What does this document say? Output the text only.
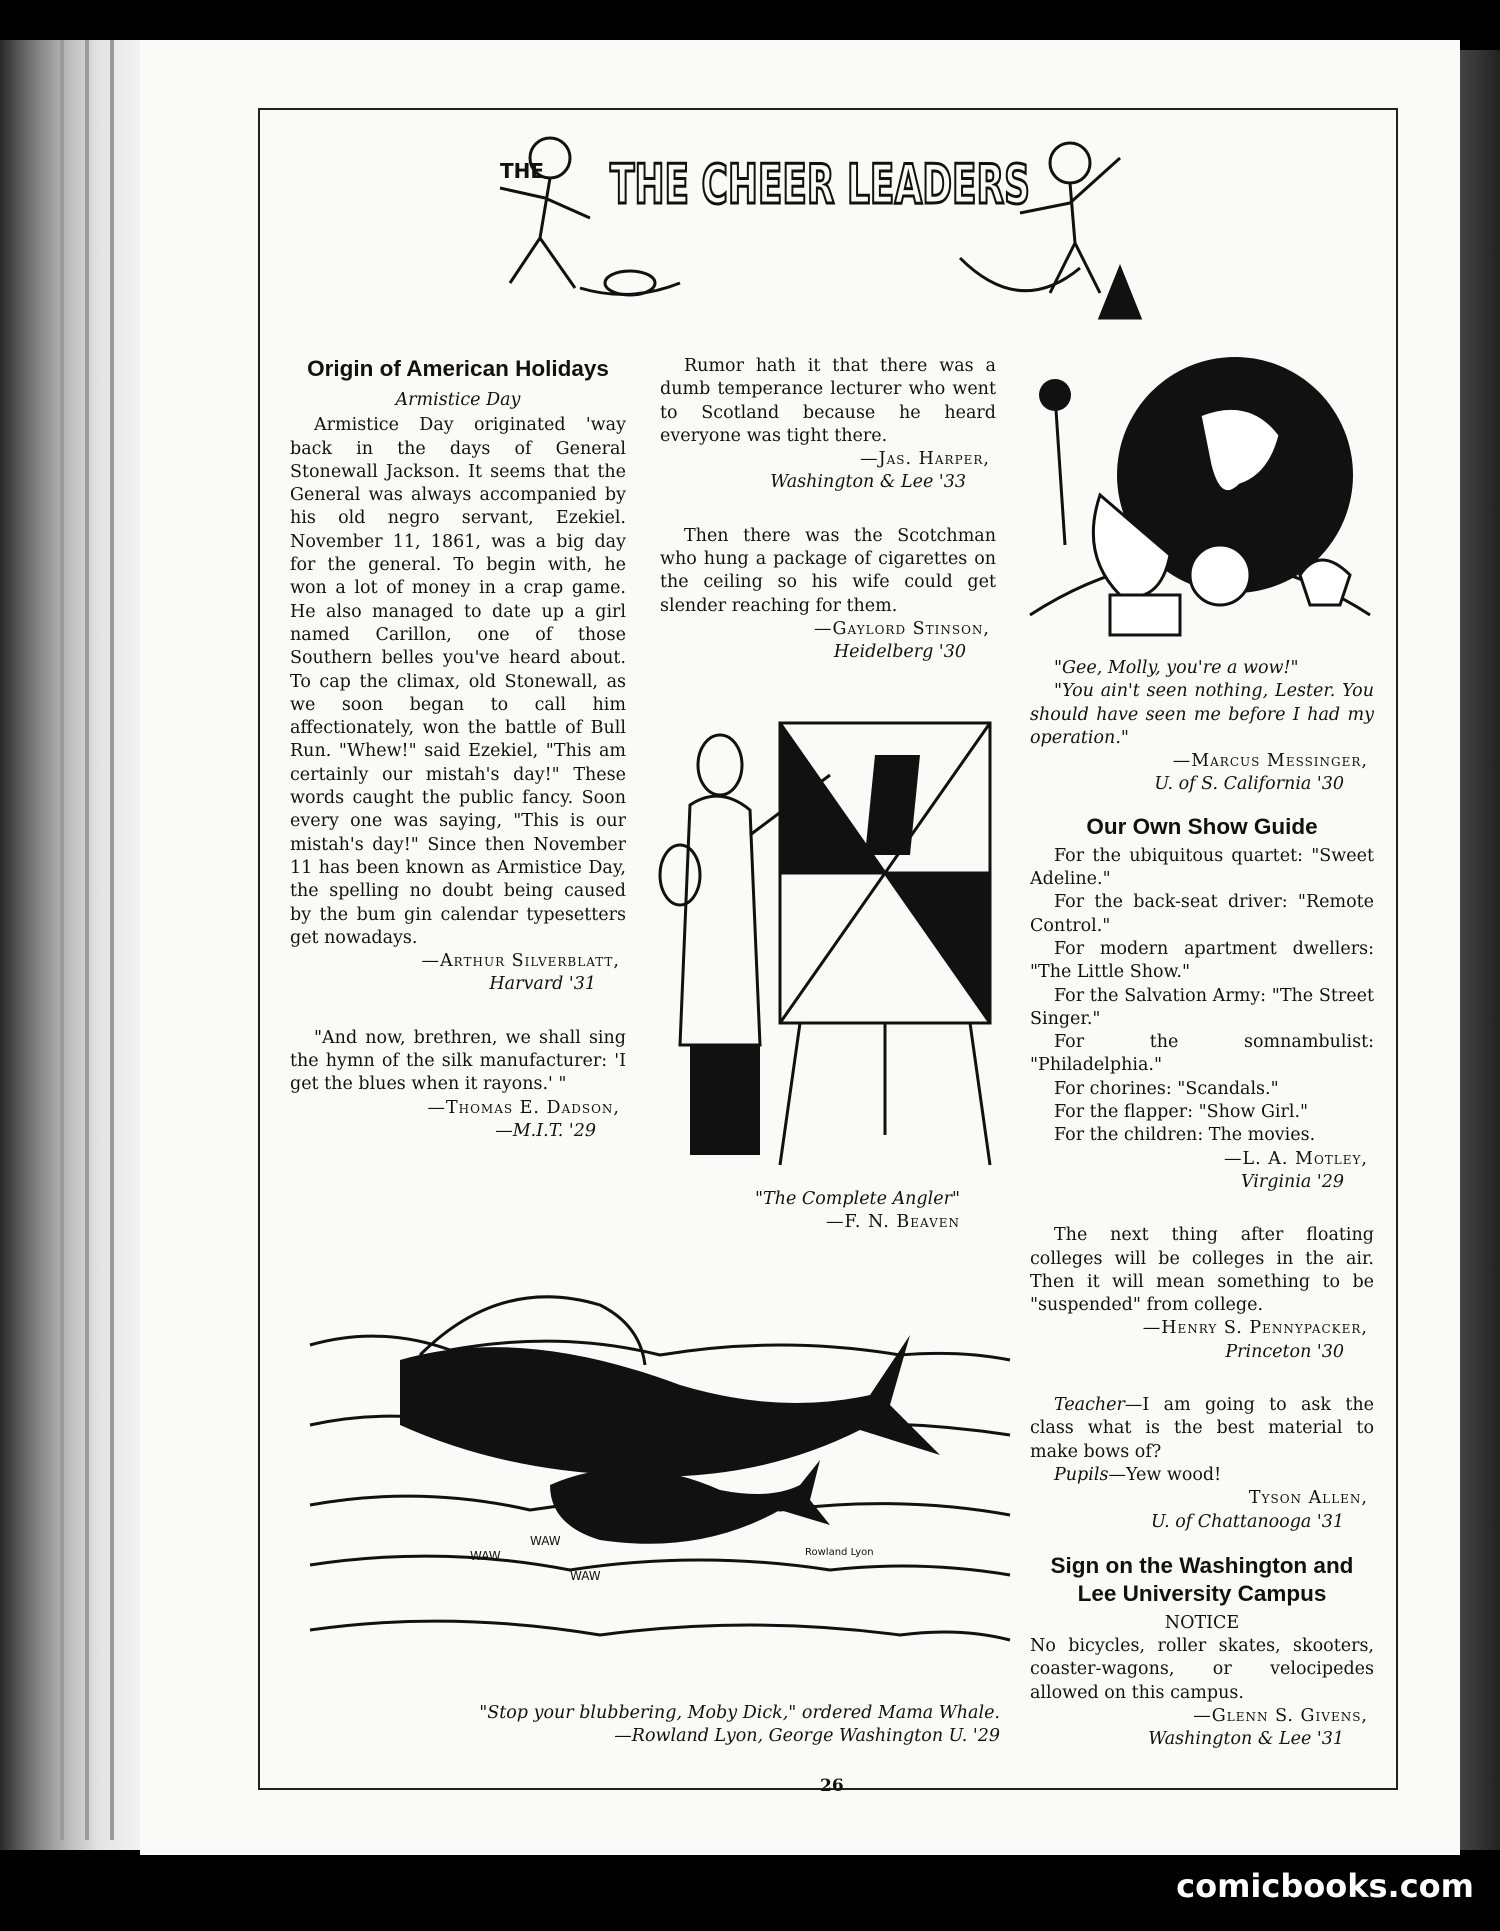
THE THE CHEER LEADERS
Origin of American Holidays
Armistice Day

Armistice Day originated 'way back in the days of General Stonewall Jackson. It seems that the General was always accompanied by his old negro servant, Ezekiel. November 11, 1861, was a big day for the general. To begin with, he won a lot of money in a crap game. He also managed to date up a girl named Carillon, one of those Southern belles you've heard about. To cap the climax, old Stonewall, as we soon began to call him affectionately, won the battle of Bull Run. "Whew!" said Ezekiel, "This am certainly our mistah's day!" These words caught the public fancy. Soon every one was saying, "This is our mistah's day!" Since then November 11 has been known as Armistice Day, the spelling no doubt being caused by the bum gin calendar typesetters get nowadays.

—Arthur Silverblatt,
Harvard '31

"And now, brethren, we shall sing the hymn of the silk manufacturer: 'I get the blues when it rayons.' "

—Thomas E. Dadson,
—M.I.T. '29

Rumor hath it that there was a dumb temperance lecturer who went to Scotland because he heard everyone was tight there.

—Jas. Harper,
Washington & Lee '33

Then there was the Scotchman who hung a package of cigarettes on the ceiling so his wife could get slender reaching for them.

—Gaylord Stinson,
Heidelberg '30
"The Complete Angler"
—F. N. Beaven

"Gee, Molly, you're a wow!"

"You ain't seen nothing, Lester. You should have seen me before I had my operation."

—Marcus Messinger,
U. of S. California '30
Our Own Show Guide

For the ubiquitous quartet: "Sweet Adeline."

For the back-seat driver: "Remote Control."

For modern apartment dwellers: "The Little Show."

For the Salvation Army: "The Street Singer."

For the somnambulist: "Philadelphia."

For chorines: "Scandals."

For the flapper: "Show Girl."

For the children: The movies.

—L. A. Motley,
Virginia '29

The next thing after floating colleges will be colleges in the air. Then it will mean something to be "suspended" from college.

—Henry S. Pennypacker,
Princeton '30

Teacher—I am going to ask the class what is the best material to make bows of?

Pupils—Yew wood!

Tyson Allen,
U. of Chattanooga '31
Sign on the Washington and Lee University Campus
NOTICE

No bicycles, roller skates, skooters, coaster-wagons, or velocipedes allowed on this campus.

—Glenn S. Givens,
Washington & Lee '31
WAW
WAW
WAW
Rowland Lyon
"Stop your blubbering, Moby Dick," ordered Mama Whale.
—Rowland Lyon, George Washington U. '29
26
comicbooks.com
